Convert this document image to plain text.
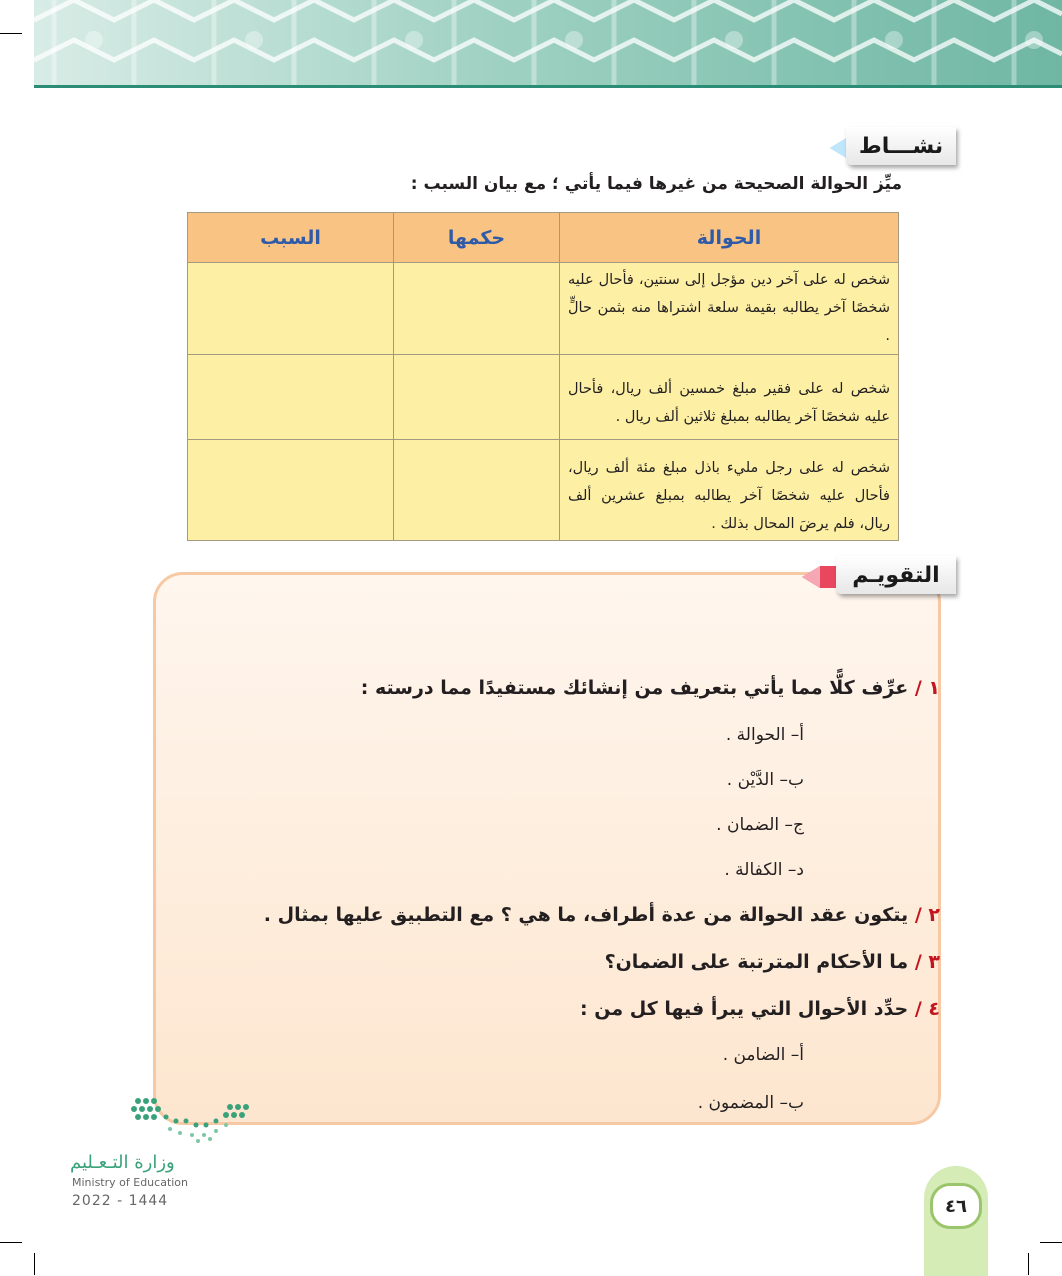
نشـــاط
ميِّز الحوالة الصحيحة من غيرها فيما يأتي ؛ مع بيان السبب :
الحوالة	حكمها	السبب
شخص له على آخر دين مؤجل إلى سنتين، فأحال عليه شخصًا آخر يطالبه بقيمة سلعة اشتراها منه بثمن حالٍّ .		
شخص له على فقير مبلغ خمسين ألف ريال، فأحال عليه شخصًا آخر يطالبه بمبلغ ثلاثين ألف ريال .		
شخص له على رجل مليء باذل مبلغ مئة ألف ريال، فأحال عليه شخصًا آخر يطالبه بمبلغ عشرين ألف ريال، فلم يرضَ المحال بذلك .		
التقويـم
١ / عرِّف كلًّا مما يأتي بتعريف من إنشائك مستفيدًا مما درسته :
أ– الحوالة .
ب– الدَّيْن .
ج– الضمان .
د– الكفالة .
٢ / يتكون عقد الحوالة من عدة أطراف، ما هي ؟ مع التطبيق عليها بمثال .
٣ / ما الأحكام المترتبة على الضمان؟
٤ / حدِّد الأحوال التي يبرأ فيها كل من :
أ– الضامن .
ب– المضمون .
وزارة التـعـليم
Ministry of Education
2022 - 1444	٤٦
